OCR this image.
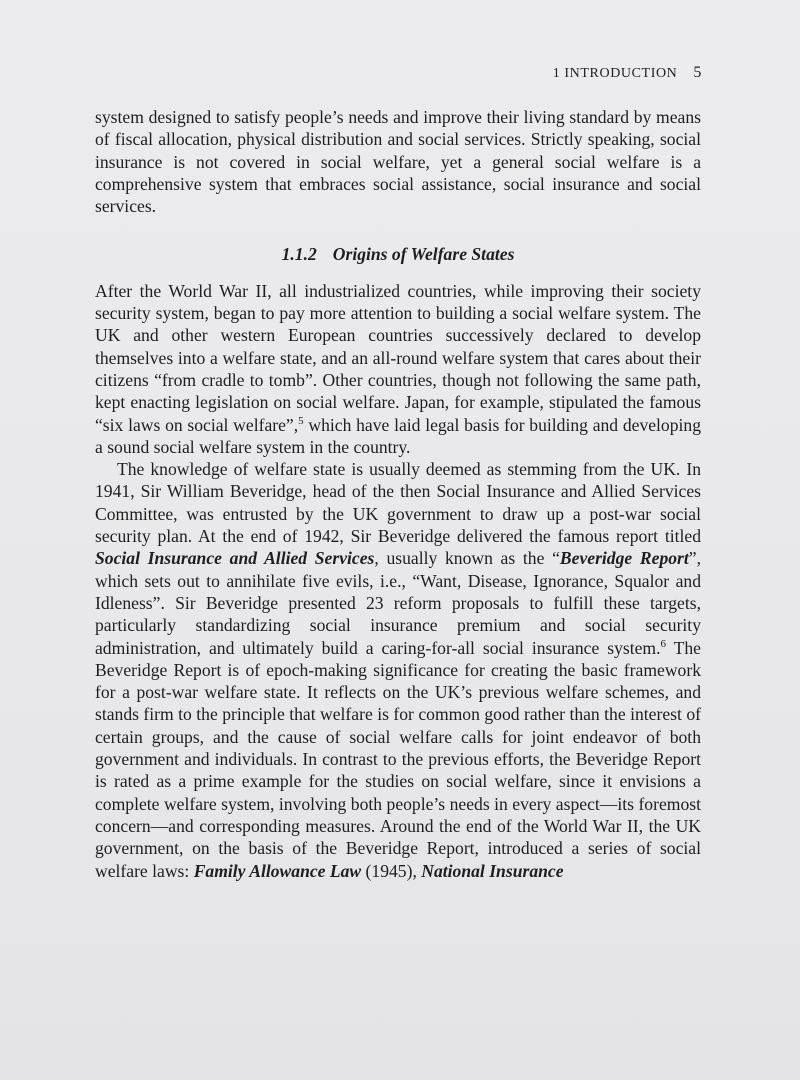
1 INTRODUCTION 5

system designed to satisfy people’s needs and improve their living standard by means of fiscal allocation, physical distribution and social services. Strictly speaking, social insurance is not covered in social welfare, yet a general social welfare is a comprehensive system that embraces social assistance, social insurance and social services.

1.1.2 Origins of Welfare States

After the World War II, all industrialized countries, while improving their society security system, began to pay more attention to building a social welfare system. The UK and other western European countries successively declared to develop themselves into a welfare state, and an all-round welfare system that cares about their citizens “from cradle to tomb”. Other countries, though not following the same path, kept enacting legislation on social welfare. Japan, for example, stipulated the famous “six laws on social welfare”,$^5$ which have laid legal basis for building and developing a sound social welfare system in the country.

The knowledge of welfare state is usually deemed as stemming from the UK. In 1941, Sir William Beveridge, head of the then Social Insurance and Allied Services Committee, was entrusted by the UK government to draw up a post-war social security plan. At the end of 1942, Sir Beveridge delivered the famous report titled Social Insurance and Allied Services, usually known as the “Beveridge Report”, which sets out to annihilate five evils, i.e., “Want, Disease, Ignorance, Squalor and Idleness”. Sir Beveridge presented 23 reform proposals to fulfill these targets, particularly standardizing social insurance premium and social security administration, and ultimately build a caring-for-all social insurance system.$^6$ The Beveridge Report is of epoch-making significance for creating the basic framework for a post-war welfare state. It reflects on the UK’s previous welfare schemes, and stands firm to the principle that welfare is for common good rather than the interest of certain groups, and the cause of social welfare calls for joint endeavor of both government and individuals. In contrast to the previous efforts, the Beveridge Report is rated as a prime example for the studies on social welfare, since it envisions a complete welfare system, involving both people’s needs in every aspect—its foremost concern—and corresponding measures. Around the end of the World War II, the UK government, on the basis of the Beveridge Report, introduced a series of social welfare laws: Family Allowance Law (1945), National Insurance
